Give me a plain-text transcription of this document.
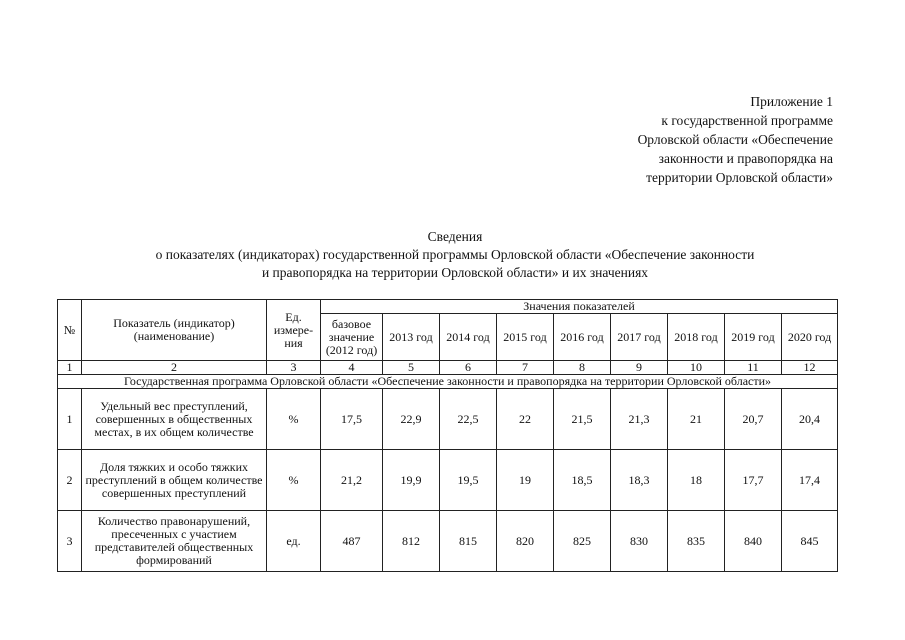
Приложение 1
к государственной программе
Орловской области «Обеспечение
законности и правопорядка на
территории Орловской области»
Сведения
о показателях (индикаторах) государственной программы Орловской области «Обеспечение законности
и правопорядка на территории Орловской области» и их значениях
№	Показатель (индикатор) (наименование)	Ед. измере- ния	Значения показателей								
			базовое значение (2012 год)	2013 год	2014 год	2015 год	2016 год	2017 год	2018 год	2019 год	2020 год
1	2	3	4	5	6	7	8	9	10	11	12
Государственная программа Орловской области «Обеспечение законности и правопорядка на территории Орловской области»											
1	Удельный вес преступлений, совершенных в общественных местах, в их общем количестве	%	17,5	22,9	22,5	22	21,5	21,3	21	20,7	20,4
2	Доля тяжких и особо тяжких преступлений в общем количестве совершенных преступлений	%	21,2	19,9	19,5	19	18,5	18,3	18	17,7	17,4
3	Количество правонарушений, пресеченных с участием представителей общественных формирований	ед.	487	812	815	820	825	830	835	840	845
